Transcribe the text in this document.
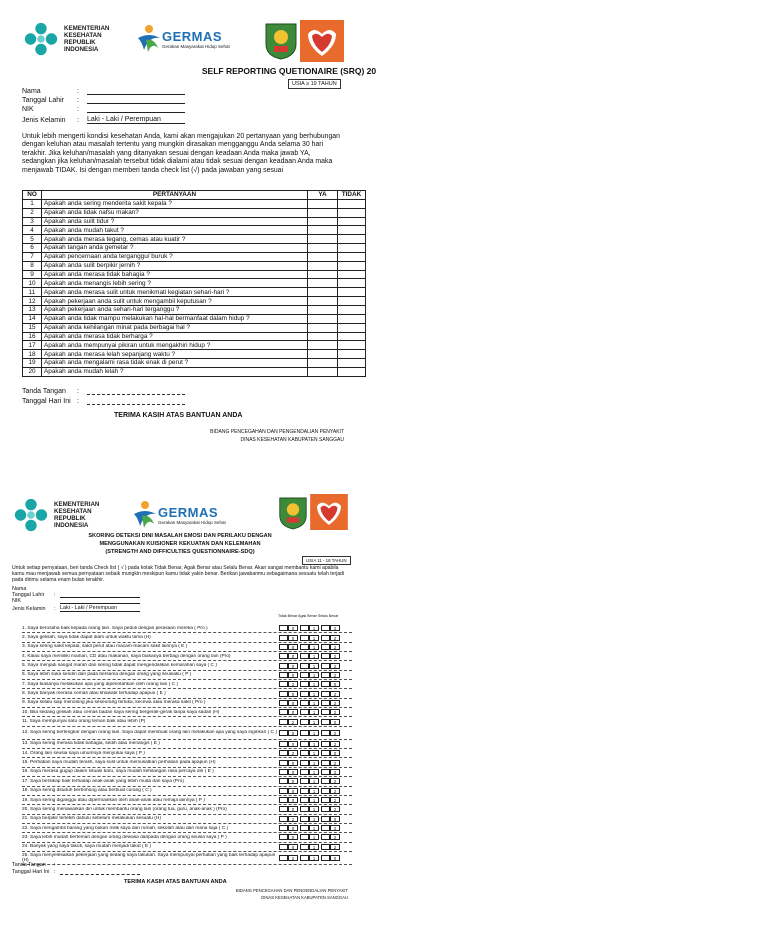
KEMENTERIAN KESEHATAN REPUBLIK INDONESIA
GERMAS
Gerakan Masyarakat Hidup Sehat
SELF REPORTING QUETIONAIRE (SRQ) 20
USIA ≥ 19 TAHUN
Nama	:
Tanggal Lahir	:
NIK	:
Jenis Kelamin	:	Laki - Laki / Perempuan
Untuk lebih mengerti kondisi kesehatan Anda, kami akan mengajukan 20 pertanyaan yang berhubungan dengan keluhan atau masalah tertentu yang mungkin dirasakan mengganggu Anda selama 30 hari terakhir. Jika keluhan/masalah yang ditanyakan sesuai dengan keadaan Anda maka jawab YA, sedangkan jika keluhan/masalah tersebut tidak dialami atau tidak sesuai dengan keadaan Anda maka menjawab TIDAK. Isi dengan memberi tanda check list (√) pada jawaban yang sesuai
NO	PERTANYAAN	YA	TIDAK
1	Apakah anda sering menderita sakit kepala ?		
2	Apakah anda tidak nafsu makan?		
3	Apakah anda sulit tidur ?		
4	Apakah anda mudah takut ?		
5	Apakah anda merasa tegang, cemas atau kuatir ?		
6	Apakah tangan anda gemetar ?		
7	Apakah pencernaan anda terganggu/ buruk ?		
8	Apakah anda sulit berpikir jernih ?		
9	Apakah anda merasa tidak bahagia ?		
10	Apakah anda menangis lebih sering ?		
11	Apakah anda merasa sulit untuk menikmati kegiatan sehari-hari ?		
12	Apakah pekerjaan anda sulit untuk mengambil keputusan ?		
13	Apakah pekerjaan anda sehari-hari terganggu ?		
14	Apakah anda tidak mampu melakukan hal-hal bermanfaat dalam hidup ?		
15	Apakah anda kehilangan minat pada berbagai hal ?		
16	Apakah anda merasa tidak berharga ?		
17	Apakah anda mempunyai pikiran untuk mengakhiri hidup ?		
18	Apakah anda merasa lelah sepanjang waktu ?		
19	Apakah anda mengalami rasa tidak enak di perut ?		
20	Apakah anda mudah lelah ?		
Tanda Tangan	:
Tanggal Hari Ini :
TERIMA KASIH ATAS BANTUAN ANDA
BIDANG PENCEGAHAN DAN PENGENDALIAN PENYAKIT
DINAS KESEHATAN KABUPATEN SANGGAU
KEMENTERIAN KESEHATAN REPUBLIK INDONESIA
GERMAS
Gerakan Masyarakat Hidup Sehat
SKORING DETEKSI DINI MASALAH EMOSI DAN PERILAKU DENGAN
MENGGUNAKAN KUISIONER KEKUATAN DAN KELEMAHAN
(STRENGTH AND DIFFICULTIES QUESTIONNAIRE-SDQ)
USIA 11 - 18 TAHUN
Untuk setiap pernyataan, beri tanda Check list ( √ ) pada kotak Tidak Benar, Agak Benar atau Selalu Benar. Akan sangat membantu kami apabila kamu mau menjawab semua pernyataan sebaik mungkin meskipun kamu tidak yakin benar. Berikan jawabanmu sebagaimana sesuatu telah terjadi pada dirimu selama enam bulan terakhir.
Nama
Tanggal Lahir	:
NIK
Jenis Kelamin	: Laki - Laki / Perempuan
Tidak Benar Agak Benar Selalu Benar
1. Saya berusaha baik kepada orang lain. Saya peduli dengan perasaan mereka ( Pro )	0	1	2
2. Saya gelisah, saya tidak dapat diam untuk waktu lama (H)	0	1	2
3. Saya sering sakit kepala, sakit perut atau macam-macam sakit lainnya ( E )	0	1	2
4. Kalau saya memiliki mainan, CD atau makanan, saya biasanya berbagi dengan orang lain (Pro)	0	1	2
5. Saya menjadi sangat marah dan sering tidak dapat mengendalikan kemarahan saya ( C )	0	1	2
6. Saya lebih suka sendiri dari pada bersama dengan orang yang seusiaku ( P )	0	1	2
7. Saya biasanya melakukan apa yang diperintahkan oleh orang lain ( C )	2	1	0
8. Saya banyak merasa cemas atau khawatir terhadap apapun ( E )	0	1	2
9. Saya selalu siap menolong jika seseorang terluka, kecewa atau merasa sakit ( Pro )	0	1	2
10. Bila sedang gelisah atau cemas badan saya sering bergerak-gerak tanpa saya sadari (H)	0	1	2
11. Saya mempunyai satu orang teman baik atau lebih (P)	2	1	0
12. Saya sering bertengkar dengan orang lain. Saya dapat membuat orang lain melakukan apa yang saya inginkan ( C )	0	1	2
13. Saya sering merasa tidak bahagia, sedih atau menangis ( E )	0	1	2
14. Orang lain seusia saya umumnya menyukai saya ( P )	2	1	0
15. Perhatian saya mudah teralih, saya sulit untuk memusatkan perhatian pada apapun (H)	0	1	2
16. Saya merasa gugup dalam situasi baru, saya mudah kehilangan rasa percaya diri ( E )	0	1	2
17. Saya bersikap baik terhadap anak-anak yang lebih muda dari saya (Pro)	0	1	2
18. Saya sering dituduh berbohong atau berbuat curang ( C )	0	1	2
19. Saya sering diganggu atau dipermainkan oleh anak-anak atau remaja lainnya ( P )	0	1	2
20. Saya sering menawarkan diri untuk membantu orang lain (orang tua, guru, anak-anak ) (Pro)	0	1	2
21. Saya berpikir terlebih dahulu sebelum melakukan sesuatu (H)	2	1	0
22. Saya mengambil barang yang bukan milik saya dari rumah, sekolah atau dari mana saja ( C )	0	1	2
23. Saya lebih mudah berteman dengan orang dewasa daripada dengan orang seusia saya ( P )	0	1	2
24. Banyak yang saya takuti, saya mudah menjadi takut ( E )	0	1	2
25. Saya menyelesaikan pekerjaan yang sedang saya lakukan. Saya mempunyai perhatian yang baik terhadap apapun (H)	2	1	0
Tanda Tangan	:
Tanggal Hari Ini :
TERIMA KASIH ATAS BANTUAN ANDA
BIDANG PENCEGAHAN DAN PENGENDALIAN PENYAKIT
DINAS KESEHATAN KABUPATEN SANGGAU
